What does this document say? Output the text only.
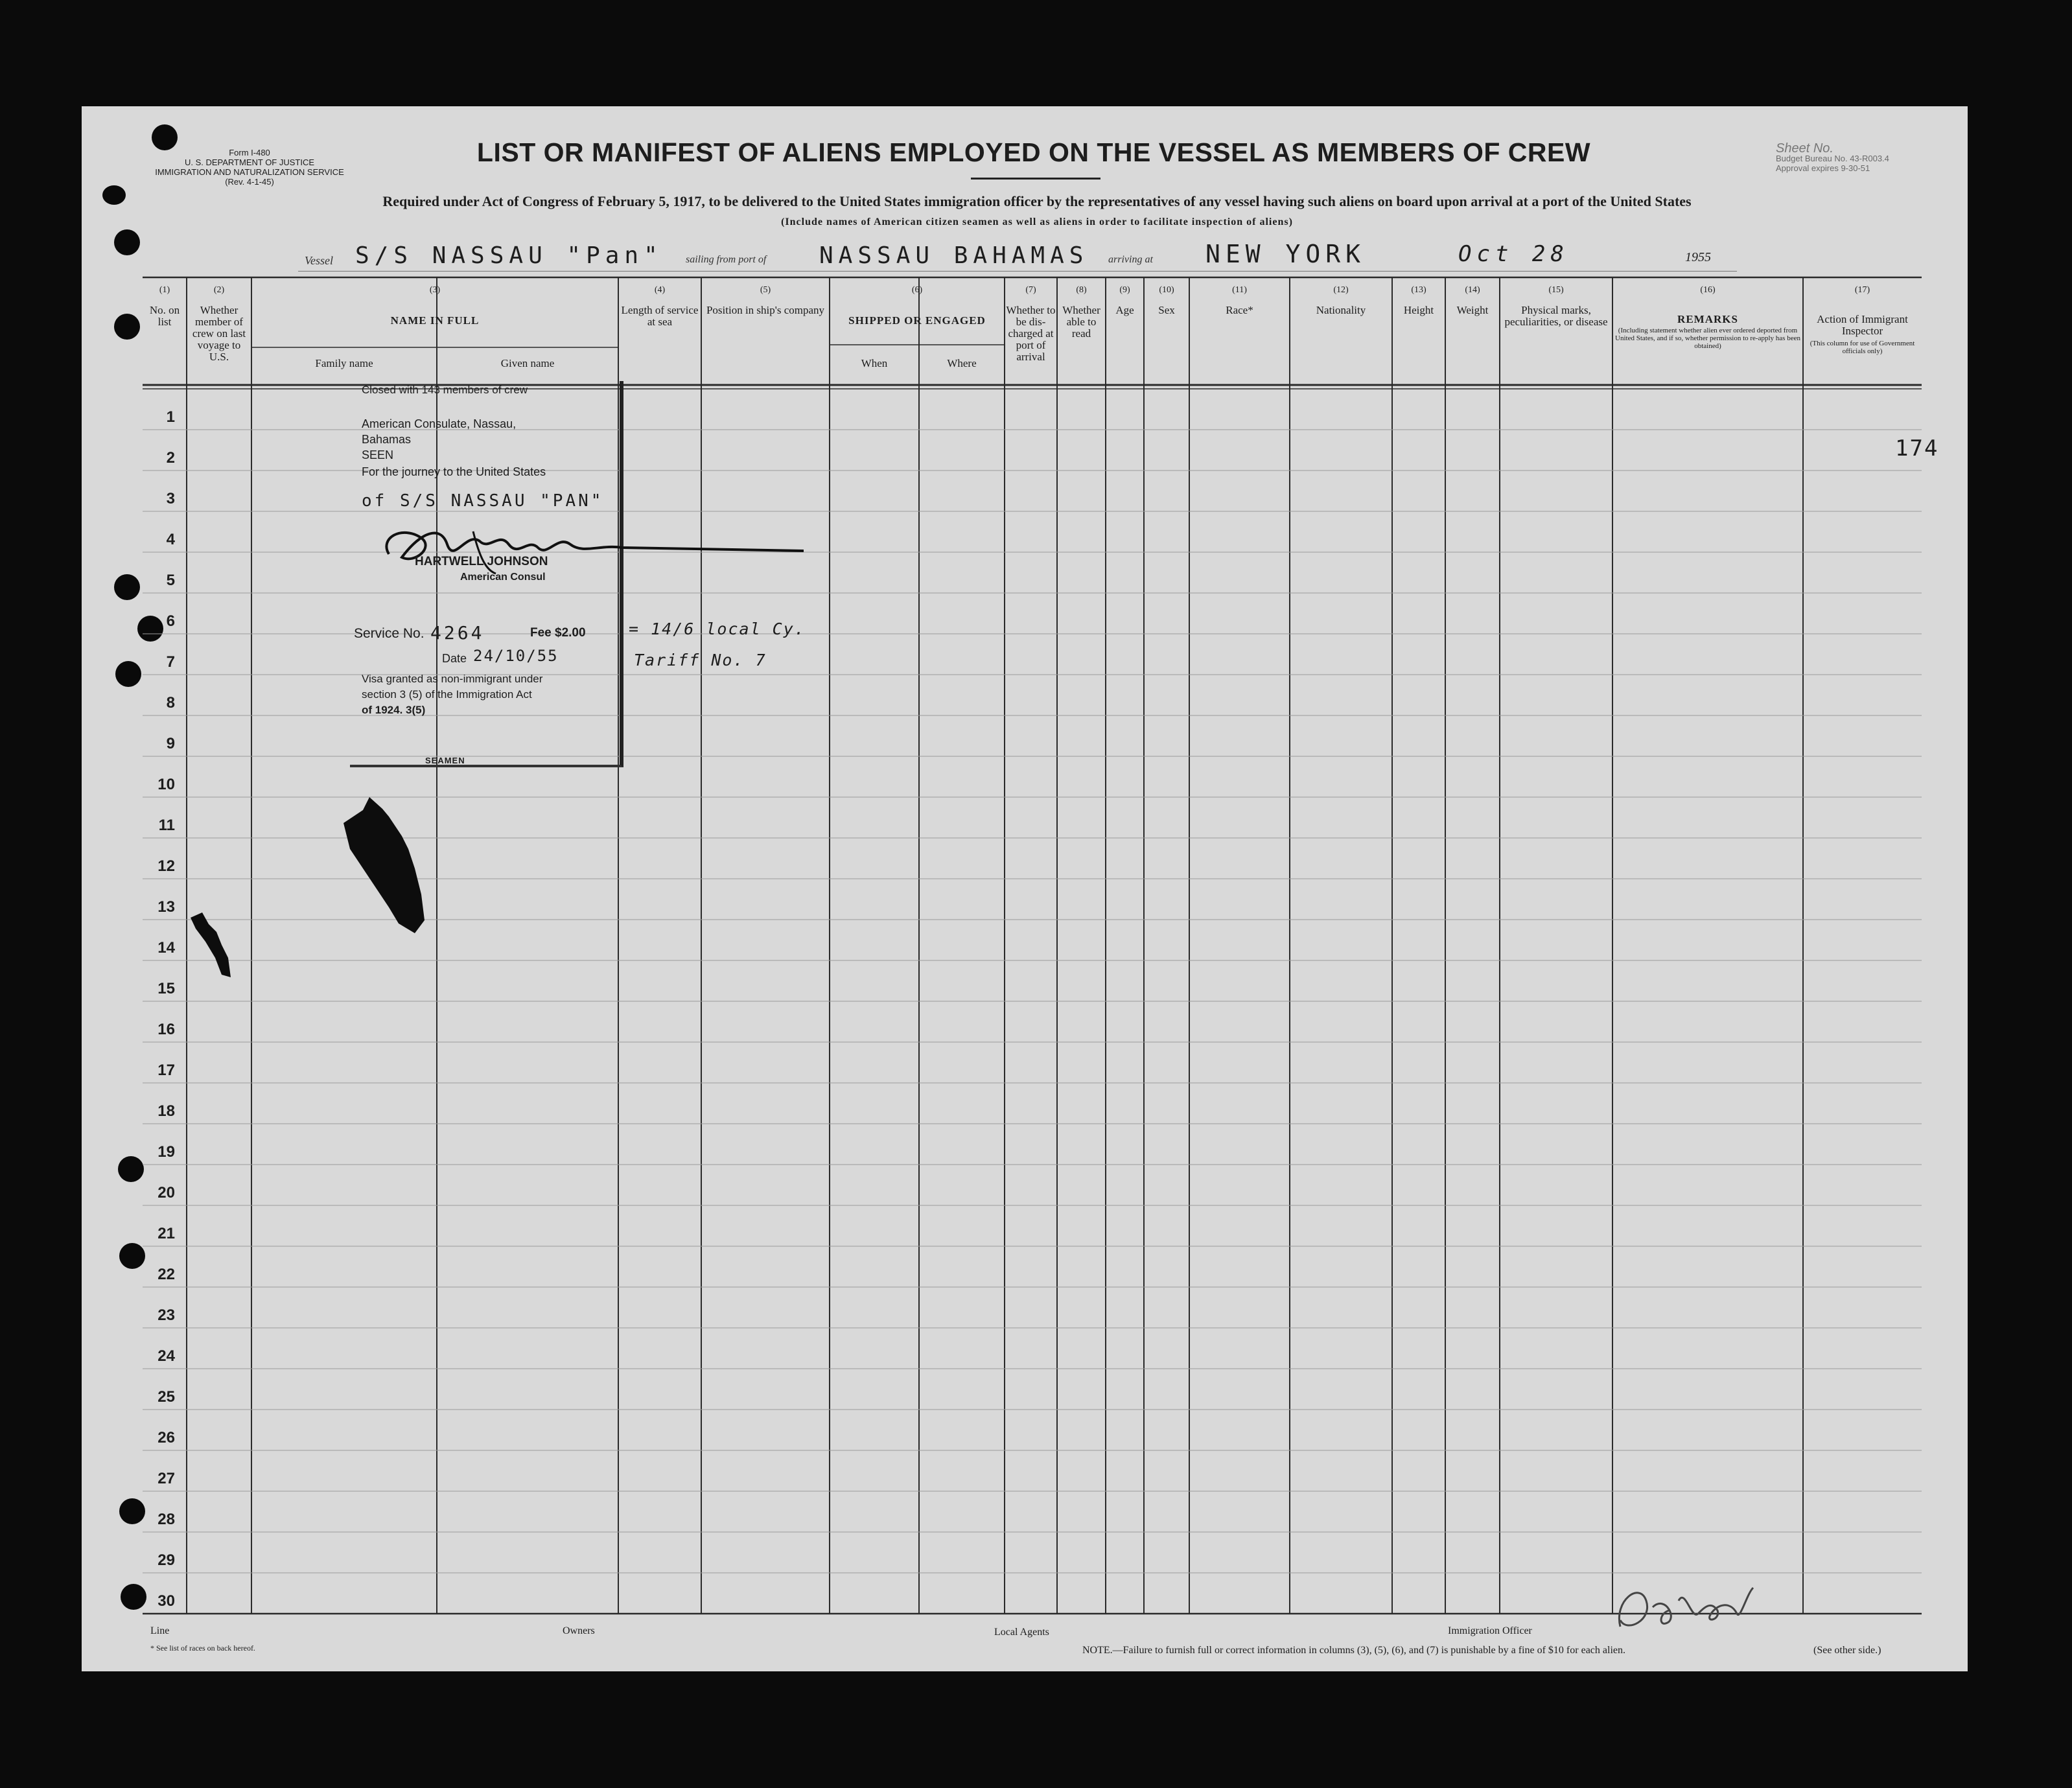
Form I-480
U. S. DEPARTMENT OF JUSTICE
IMMIGRATION AND NATURALIZATION SERVICE
(Rev. 4-1-45)
LIST OR MANIFEST OF ALIENS EMPLOYED ON THE VESSEL AS MEMBERS OF CREW	Sheet No.
Budget Bureau No. 43-R003.4
Approval expires 9-30-51
Required under Act of Congress of February 5, 1917, to be delivered to the United States immigration officer by the representatives of any vessel having such aliens on board upon arrival at a port of the United States
(Include names of American citizen seamen as well as aliens in order to facilitate inspection of aliens)
Vessel S/S NASSAU "Pan" sailing from port of NASSAU BAHAMAS arriving at NEW YORK	Oct 28	1955
(1)
No. on list
(2)
Whether member of crew on last voyage to U.S.
(3)
NAME IN FULL
Family name	Given name
(4)
Length of service at sea
(5)
Position in ship's company
(6)
SHIPPED OR ENGAGED
When	Where
(7)
Whether to be dis-charged at port of arrival
(8)
Whether able to read
(9)
Age
(10)
Sex
(11)
Race*
(12)
Nationality
(13)
Height
(14)
Weight
(15)
Physical marks, peculiarities, or disease
(16)
REMARKS
(Including statement whether alien ever ordered deported from United States, and if so, whether permission to re-apply has been obtained)
(17)
Action of Immigrant Inspector
(This column for use of Government officials only)
1
2
3
4
5
6
7
8
9
10
11
12
13
14
15
16
17
18
19
20
21
22
23
24
25
26
27
28
29
30
Closed with 143 members of crew
American Consulate, Nassau,
Bahamas
SEEN
For the journey to the United States
of S/S NASSAU "PAN"
HARTWELL JOHNSON
American Consul
Service No. 4264	Fee $2.00
Date 24/10/55
Visa granted as non-immigrant under
section 3 (5) of the Immigration Act
of 1924. 3(5)
SEAMEN
= 14/6 local Cy.
Tariff No. 7
174
Line	Owners	Local Agents	Immigration Officer
* See list of races on back hereof.	NOTE.—Failure to furnish full or correct information in columns (3), (5), (6), and (7) is punishable by a fine of $10 for each alien.	(See other side.)
